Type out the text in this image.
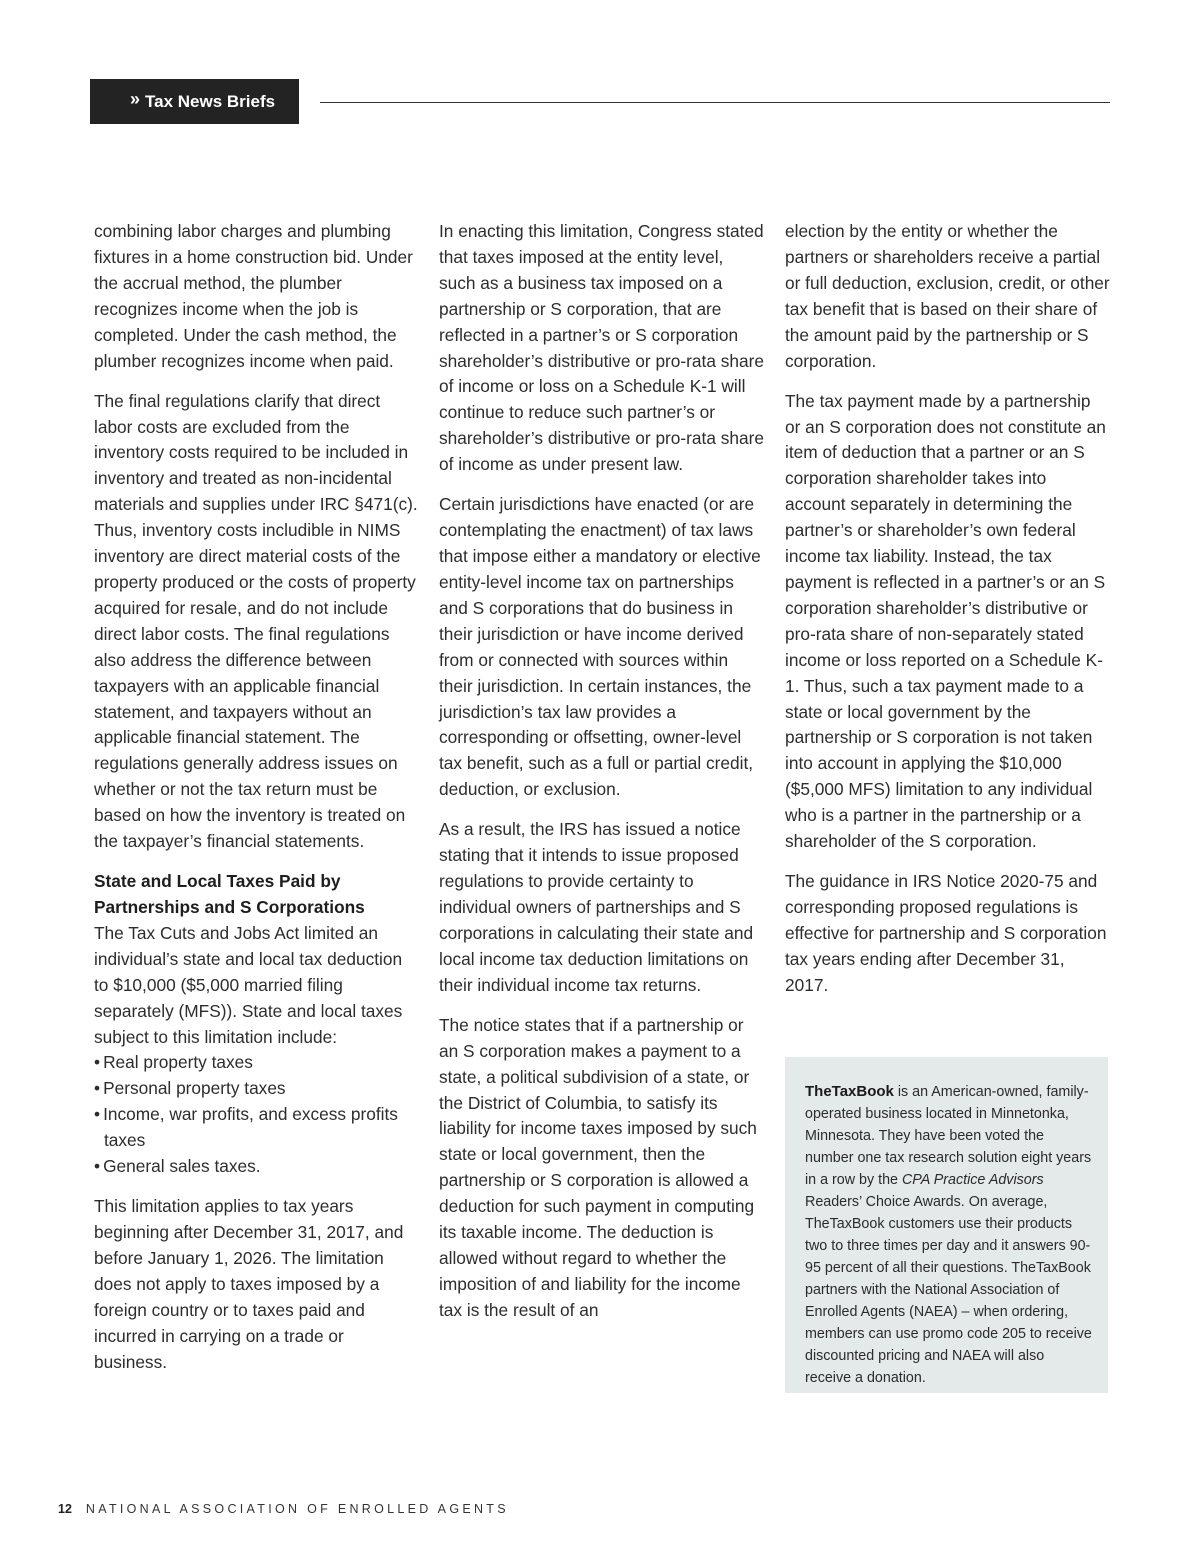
» Tax News Briefs

combining labor charges and plumbing fixtures in a home construction bid. Under the accrual method, the plumber recognizes income when the job is completed. Under the cash method, the plumber recognizes income when paid.

The final regulations clarify that direct labor costs are excluded from the inventory costs required to be included in inventory and treated as non-incidental materials and supplies under IRC §471(c). Thus, inventory costs includible in NIMS inventory are direct material costs of the property produced or the costs of property acquired for resale, and do not include direct labor costs. The final regulations also address the difference between taxpayers with an applicable financial statement, and taxpayers without an applicable financial statement. The regulations generally address issues on whether or not the tax return must be based on how the inventory is treated on the taxpayer’s financial statements.

State and Local Taxes Paid by Partnerships and S Corporations
The Tax Cuts and Jobs Act limited an individual’s state and local tax deduction to $10,000 ($5,000 married filing separately (MFS)). State and local taxes subject to this limitation include:

• Real property taxes
• Personal property taxes
• Income, war profits, and excess profits taxes
• General sales taxes.

This limitation applies to tax years beginning after December 31, 2017, and before January 1, 2026. The limitation does not apply to taxes imposed by a foreign country or to taxes paid and incurred in carrying on a trade or business.

In enacting this limitation, Congress stated that taxes imposed at the entity level, such as a business tax imposed on a partnership or S corporation, that are reflected in a partner’s or S corporation shareholder’s distributive or pro-rata share of income or loss on a Schedule K-1 will continue to reduce such partner’s or shareholder’s distributive or pro-rata share of income as under present law.

Certain jurisdictions have enacted (or are contemplating the enactment) of tax laws that impose either a mandatory or elective entity-level income tax on partnerships and S corporations that do business in their jurisdiction or have income derived from or connected with sources within their jurisdiction. In certain instances, the jurisdiction’s tax law provides a corresponding or offsetting, owner-level tax benefit, such as a full or partial credit, deduction, or exclusion.

As a result, the IRS has issued a notice stating that it intends to issue proposed regulations to provide certainty to individual owners of partnerships and S corporations in calculating their state and local income tax deduction limitations on their individual income tax returns.

The notice states that if a partnership or an S corporation makes a payment to a state, a political subdivision of a state, or the District of Columbia, to satisfy its liability for income taxes imposed by such state or local government, then the partnership or S corporation is allowed a deduction for such payment in computing its taxable income. The deduction is allowed without regard to whether the imposition of and liability for the income tax is the result of an

election by the entity or whether the partners or shareholders receive a partial or full deduction, exclusion, credit, or other tax benefit that is based on their share of the amount paid by the partnership or S corporation.

The tax payment made by a partnership or an S corporation does not constitute an item of deduction that a partner or an S corporation shareholder takes into account separately in determining the partner’s or shareholder’s own federal income tax liability. Instead, the tax payment is reflected in a partner’s or an S corporation shareholder’s distributive or pro-rata share of non-separately stated income or loss reported on a Schedule K-1. Thus, such a tax payment made to a state or local government by the partnership or S corporation is not taken into account in applying the $10,000 ($5,000 MFS) limitation to any individual who is a partner in the partnership or a shareholder of the S corporation.

The guidance in IRS Notice 2020-75 and corresponding proposed regulations is effective for partnership and S corporation tax years ending after December 31, 2017.

TheTaxBook is an American-owned, family-operated business located in Minnetonka, Minnesota. They have been voted the number one tax research solution eight years in a row by the CPA Practice Advisors Readers’ Choice Awards. On average, TheTaxBook customers use their products two to three times per day and it answers 90-95 percent of all their questions. TheTaxBook partners with the National Association of Enrolled Agents (NAEA) – when ordering, members can use promo code 205 to receive discounted pricing and NAEA will also receive a donation.
12 NATIONAL ASSOCIATION OF ENROLLED AGENTS
